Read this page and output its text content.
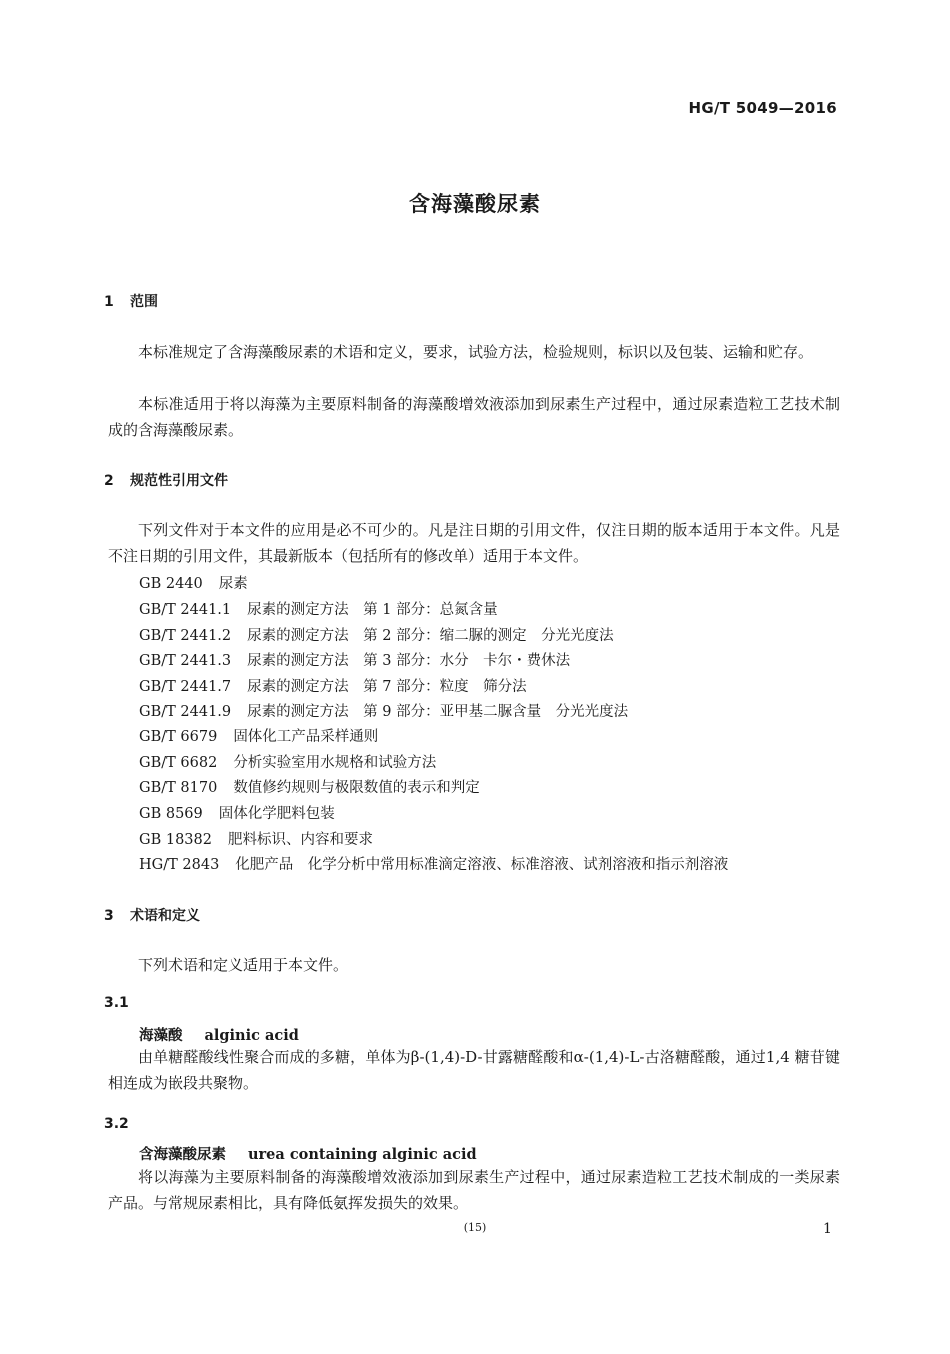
HG/T 5049—2016
含海藻酸尿素
1 范围
本标准规定了含海藻酸尿素的术语和定义，要求，试验方法，检验规则，标识以及包装、运输和贮存。
本标准适用于将以海藻为主要原料制备的海藻酸增效液添加到尿素生产过程中，通过尿素造粒工艺技术制成的含海藻酸尿素。
2 规范性引用文件
下列文件对于本文件的应用是必不可少的。凡是注日期的引用文件，仅注日期的版本适用于本文件。凡是不注日期的引用文件，其最新版本（包括所有的修改单）适用于本文件。
GB 2440 尿素
GB/T 2441.1 尿素的测定方法　第 1 部分：总氮含量
GB/T 2441.2 尿素的测定方法　第 2 部分：缩二脲的测定　分光光度法
GB/T 2441.3 尿素的测定方法　第 3 部分：水分　卡尔・费休法
GB/T 2441.7 尿素的测定方法　第 7 部分：粒度　筛分法
GB/T 2441.9 尿素的测定方法　第 9 部分：亚甲基二脲含量　分光光度法
GB/T 6679 固体化工产品采样通则
GB/T 6682 分析实验室用水规格和试验方法
GB/T 8170 数值修约规则与极限数值的表示和判定
GB 8569 固体化学肥料包装
GB 18382 肥料标识、内容和要求
HG/T 2843 化肥产品　化学分析中常用标准滴定溶液、标准溶液、试剂溶液和指示剂溶液
3 术语和定义
下列术语和定义适用于本文件。
3.1
海藻酸 alginic acid
由单糖醛酸线性聚合而成的多糖，单体为β-(1,4)-D-甘露糖醛酸和α-(1,4)-L-古洛糖醛酸，通过1,4 糖苷键相连成为嵌段共聚物。
3.2
含海藻酸尿素 urea containing alginic acid
将以海藻为主要原料制备的海藻酸增效液添加到尿素生产过程中，通过尿素造粒工艺技术制成的一类尿素产品。与常规尿素相比，具有降低氨挥发损失的效果。
(15)	1
